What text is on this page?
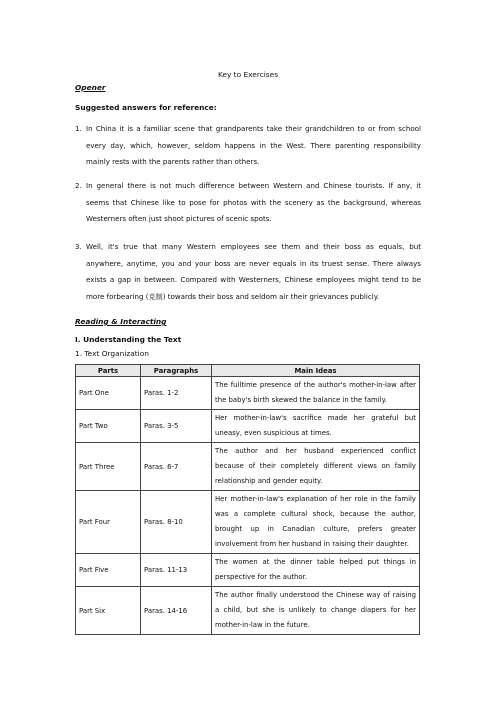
Key to Exercises
Opener
Suggested answers for reference:
1. In China it is a familiar scene that grandparents take their grandchildren to or from school every day, which, however, seldom happens in the West. There parenting responsibility mainly rests with the parents rather than others.
2. In general there is not much difference between Western and Chinese tourists. If any, it seems that Chinese like to pose for photos with the scenery as the background, whereas Westerners often just shoot pictures of scenic spots.
3. Well, it's true that many Western employees see them and their boss as equals, but anywhere, anytime, you and your boss are never equals in its truest sense. There always exists a gap in between. Compared with Westerners, Chinese employees might tend to be more forbearing (克制) towards their boss and seldom air their grievances publicly.
Reading & Interacting
I. Understanding the Text
1. Text Organization
Parts	Paragraphs	Main Ideas
Part One	Paras. 1-2	The fulltime presence of the author's mother-in-law after the baby's birth skewed the balance in the family.
Part Two	Paras. 3-5	Her mother-in-law's sacrifice made her grateful but uneasy, even suspicious at times.
Part Three	Paras. 6-7	The author and her husband experienced conflict because of their completely different views on family relationship and gender equity.
Part Four	Paras. 8-10	Her mother-in-law's explanation of her role in the family was a complete cultural shock, because the author, brought up in Canadian culture, prefers greater involvement from her husband in raising their daughter.
Part Five	Paras. 11-13	The women at the dinner table helped put things in perspective for the author.
Part Six	Paras. 14-16	The author finally understood the Chinese way of raising a child, but she is unlikely to change diapers for her mother-in-law in the future.
